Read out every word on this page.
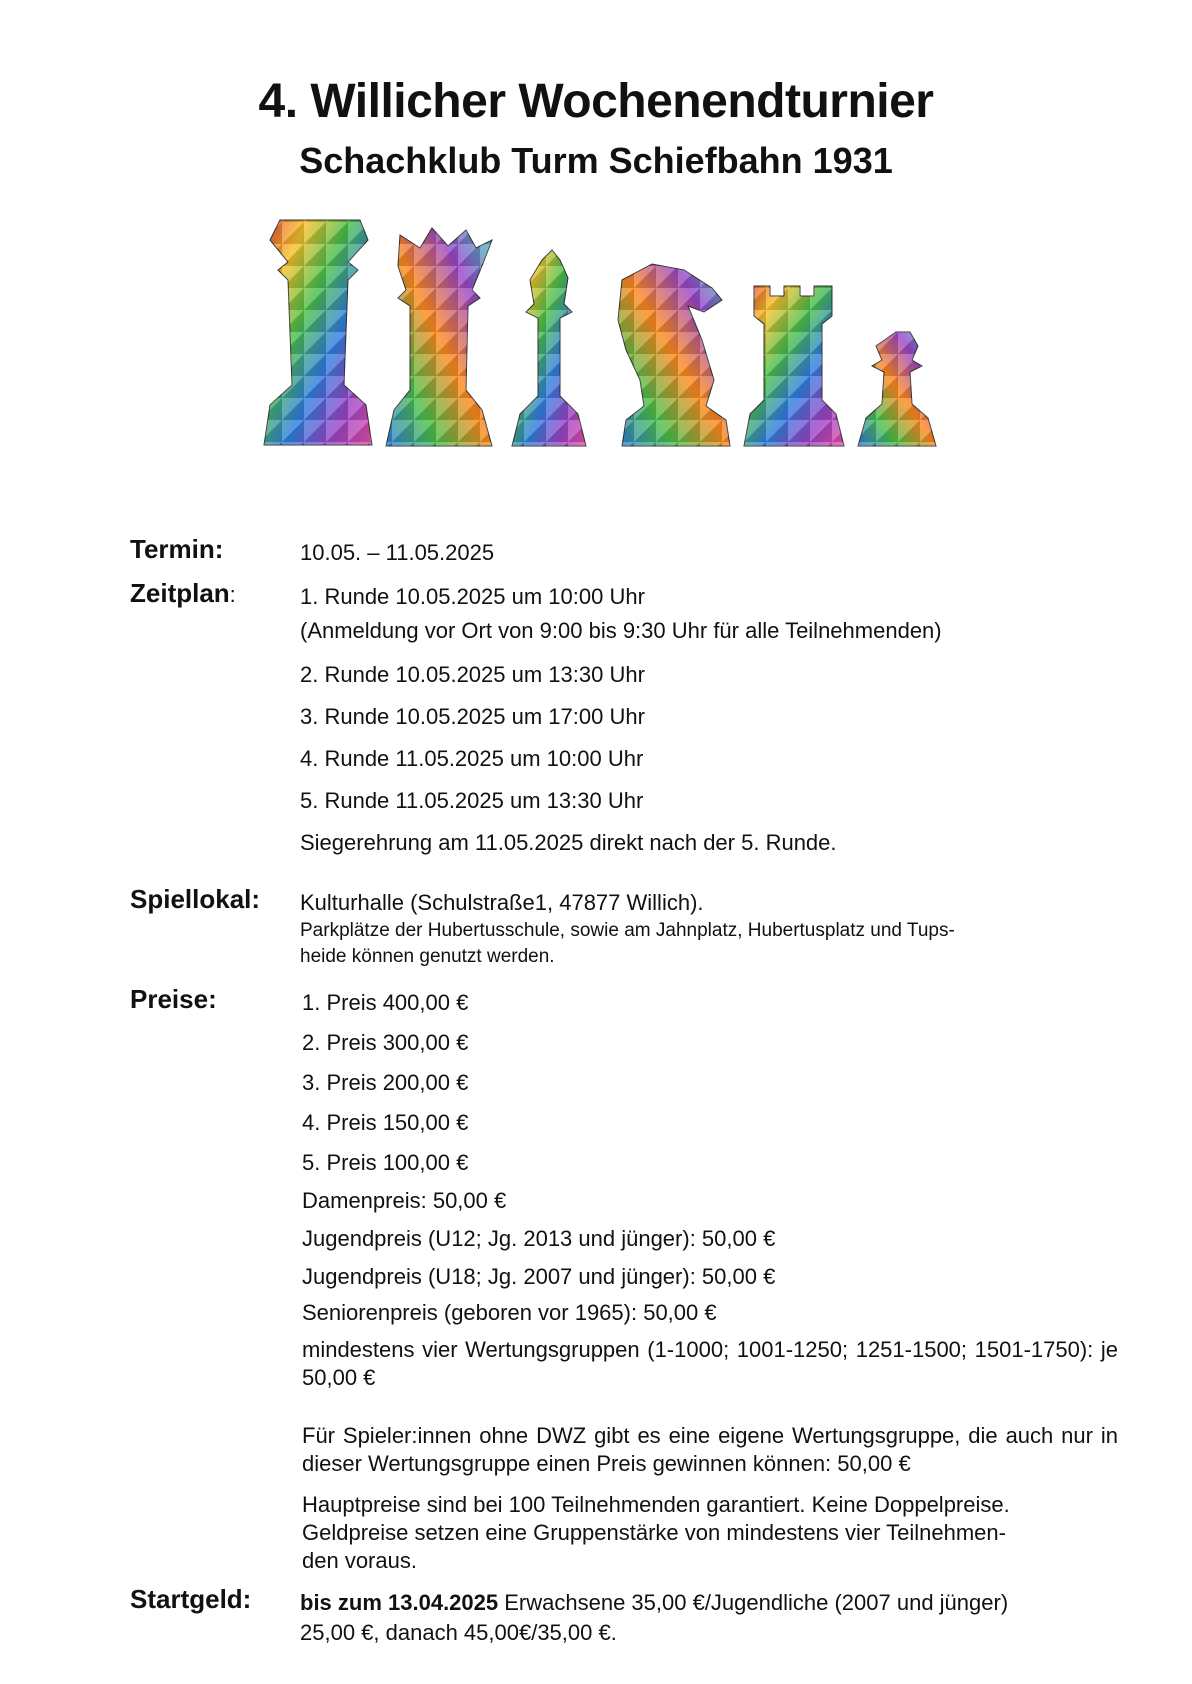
4. Willicher Wochenendturnier
Schachklub Turm Schiefbahn 1931
Termin:	10.05. – 11.05.2025
Zeitplan:	1. Runde 10.05.2025 um 10:00 Uhr
(Anmeldung vor Ort von 9:00 bis 9:30 Uhr für alle Teilnehmenden)
2. Runde 10.05.2025 um 13:30 Uhr
3. Runde 10.05.2025 um 17:00 Uhr
4. Runde 11.05.2025 um 10:00 Uhr
5. Runde 11.05.2025 um 13:30 Uhr
Siegerehrung am 11.05.2025 direkt nach der 5. Runde.
Spiellokal: Kulturhalle (Schulstraße1, 47877 Willich).
Parkplätze der Hubertusschule, sowie am Jahnplatz, Hubertusplatz und Tups-
heide können genutzt werden.
Preise:	1. Preis 400,00 €
2. Preis 300,00 €
3. Preis 200,00 €
4. Preis 150,00 €
5. Preis 100,00 €
Damenpreis: 50,00 €
Jugendpreis (U12; Jg. 2013 und jünger): 50,00 €
Jugendpreis (U18; Jg. 2007 und jünger): 50,00 €
Seniorenpreis (geboren vor 1965): 50,00 €
mindestens vier Wertungsgruppen (1-1000; 1001-1250; 1251-1500; 1501-1750): je 50,00 €
Für Spieler:innen ohne DWZ gibt es eine eigene Wertungsgruppe, die auch nur in dieser Wertungsgruppe einen Preis gewinnen können: 50,00 €
Hauptpreise sind bei 100 Teilnehmenden garantiert. Keine Doppelpreise.
Geldpreise setzen eine Gruppenstärke von mindestens vier Teilnehmen-
den voraus.
Startgeld: bis zum 13.04.2025 Erwachsene 35,00 €/Jugendliche (2007 und jünger)
25,00 €, danach 45,00€/35,00 €.
